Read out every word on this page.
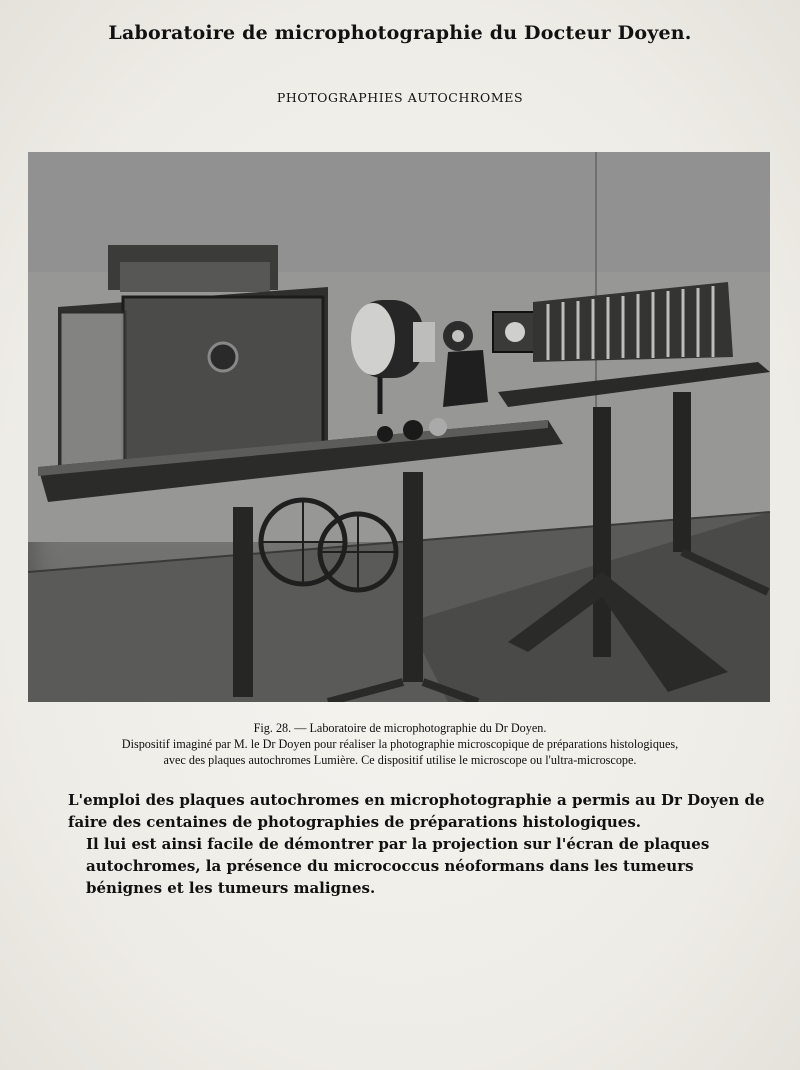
Laboratoire de microphotographie du Docteur Doyen.
PHOTOGRAPHIES AUTOCHROMES
Fig. 28. — Laboratoire de microphotographie du Dr Doyen.
Dispositif imaginé par M. le Dr Doyen pour réaliser la photographie microscopique de préparations histologiques,
avec des plaques autochromes Lumière. Ce dispositif utilise le microscope ou l'ultra-microscope.
L'emploi des plaques autochromes en microphotographie a permis au Dr Doyen de faire des centaines de photographies de préparations histologiques.
Il lui est ainsi facile de démontrer par la projection sur l'écran de plaques autochromes, la présence du micrococcus néoformans dans les tumeurs bénignes et les tumeurs malignes.
